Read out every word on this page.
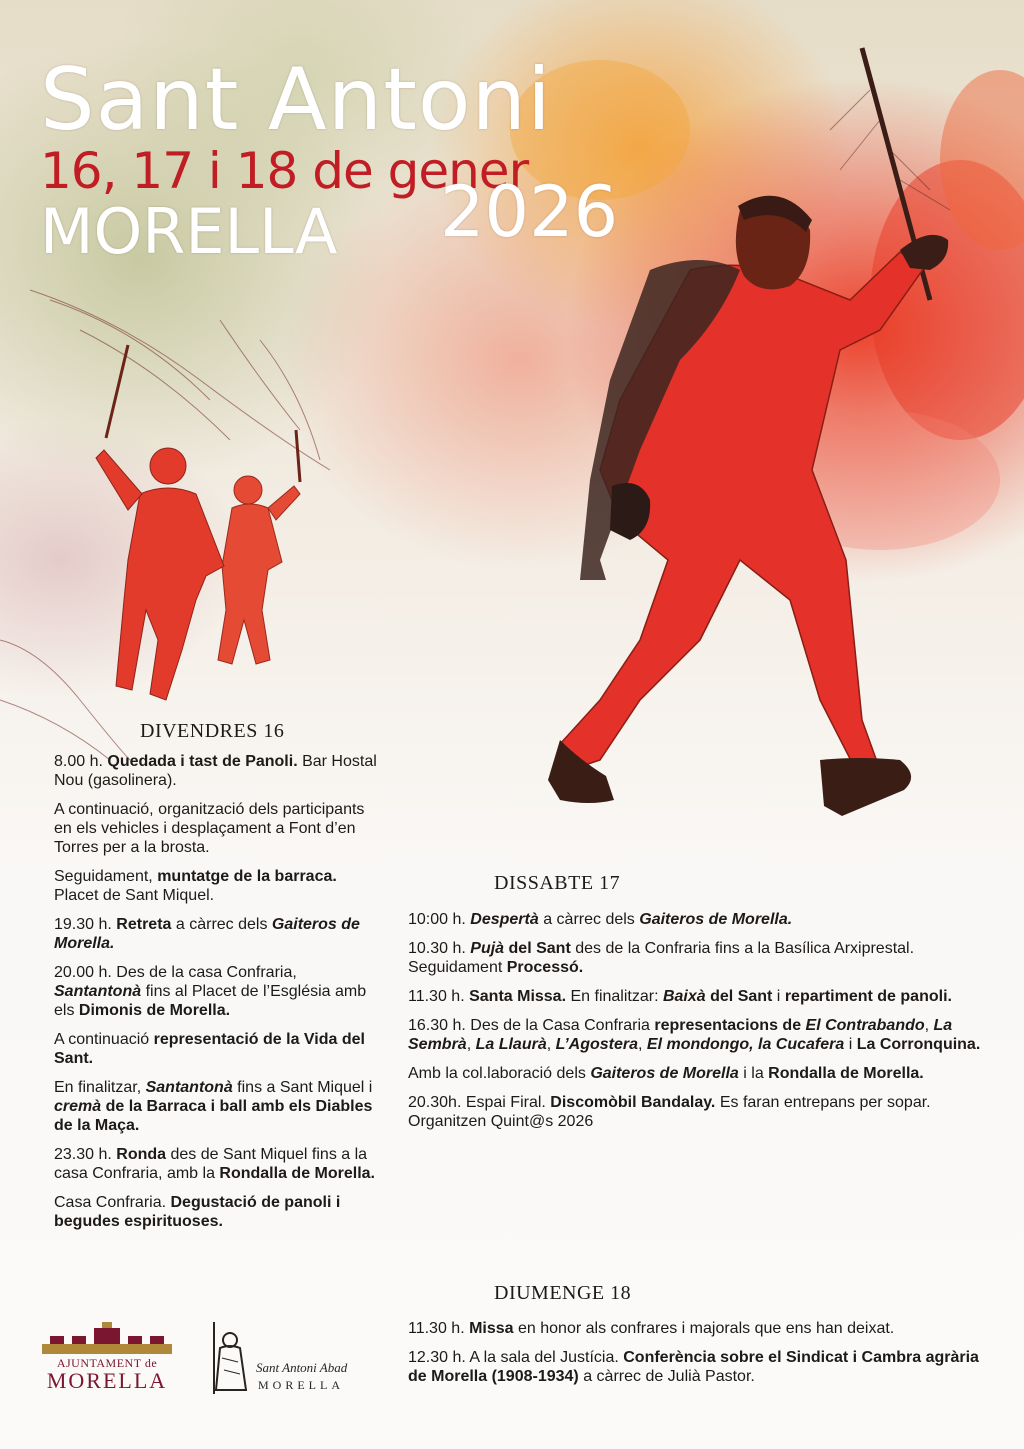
Sant Antoni
16, 17 i 18 de gener
MORELLA 2026
DIVENDRES 16

8.00 h. Quedada i tast de Panoli. Bar Hostal Nou (gasolinera).

A continuació, organització dels participants en els vehicles i desplaçament a Font d’en Torres per a la brosta.

Seguidament, muntatge de la barraca. Placet de Sant Miquel.

19.30 h. Retreta a càrrec dels Gaiteros de Morella.

20.00 h. Des de la casa Confraria, Santantonà fins al Placet de l’Església amb els Dimonis de Morella.

A continuació representació de la Vida del Sant.

En finalitzar, Santantonà fins a Sant Miquel i cremà de la Barraca i ball amb els Diables de la Maça.

23.30 h. Ronda des de Sant Miquel fins a la casa Confraria, amb la Rondalla de Morella.

Casa Confraria. Degustació de panoli i begudes espirituoses.

DISSABTE 17

10:00 h. Despertà a càrrec dels Gaiteros de Morella.

10.30 h. Pujà del Sant des de la Confraria fins a la Basílica Arxiprestal. Seguidament Processó.

11.30 h. Santa Missa. En finalitzar: Baixà del Sant i repartiment de panoli.

16.30 h. Des de la Casa Confraria representacions de El Contrabando, La Sembrà, La Llaurà, L’Agostera, El mondongo, la Cucafera i La Corronquina.

Amb la col.laboració dels Gaiteros de Morella i la Rondalla de Morella.

20.30h. Espai Firal. Discomòbil Bandalay. Es faran entrepans per sopar. Organitzen Quint@s 2026

DIUMENGE 18

11.30 h. Missa en honor als confrares i majorals que ens han deixat.

12.30 h. A la sala del Justícia. Conferència sobre el Sindicat i Cambra agrària de Morella (1908-1934) a càrrec de Julià Pastor.

AJUNTAMENT de
MORELLA
Sant Antoni Abad
MORELLA
